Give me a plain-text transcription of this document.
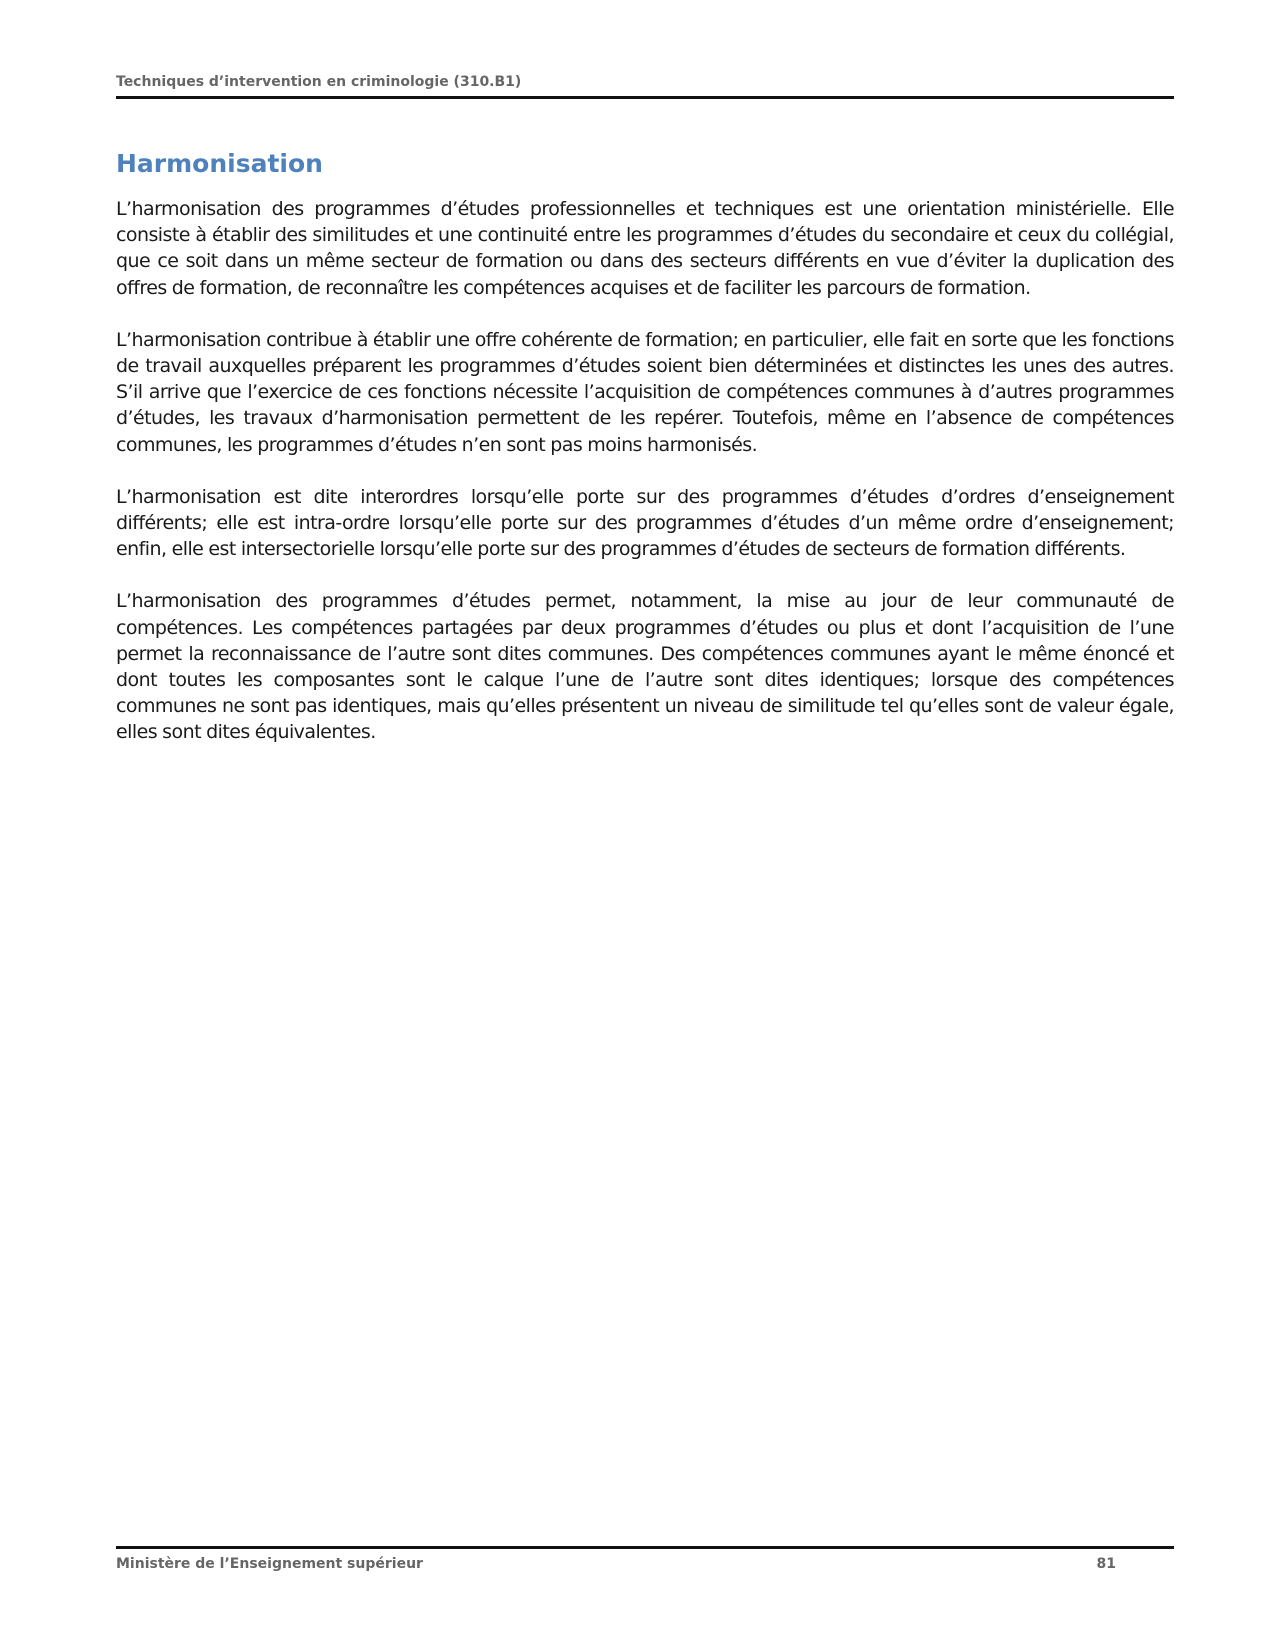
Techniques d’intervention en criminologie (310.B1)
Harmonisation

L’harmonisation des programmes d’études professionnelles et techniques est une orientation ministérielle. Elle consiste à établir des similitudes et une continuité entre les programmes d’études du secondaire et ceux du collégial, que ce soit dans un même secteur de formation ou dans des secteurs différents en vue d’éviter la duplication des offres de formation, de reconnaître les compétences acquises et de faciliter les parcours de formation.

L’harmonisation contribue à établir une offre cohérente de formation; en particulier, elle fait en sorte que les fonctions de travail auxquelles préparent les programmes d’études soient bien déterminées et distinctes les unes des autres. S’il arrive que l’exercice de ces fonctions nécessite l’acquisition de compétences communes à d’autres programmes d’études, les travaux d’harmonisation permettent de les repérer. Toutefois, même en l’absence de compétences communes, les programmes d’études n’en sont pas moins harmonisés.

L’harmonisation est dite interordres lorsqu’elle porte sur des programmes d’études d’ordres d’enseignement différents; elle est intra-ordre lorsqu’elle porte sur des programmes d’études d’un même ordre d’enseignement; enfin, elle est intersectorielle lorsqu’elle porte sur des programmes d’études de secteurs de formation différents.

L’harmonisation des programmes d’études permet, notamment, la mise au jour de leur communauté de compétences. Les compétences partagées par deux programmes d’études ou plus et dont l’acquisition de l’une permet la reconnaissance de l’autre sont dites communes. Des compétences communes ayant le même énoncé et dont toutes les composantes sont le calque l’une de l’autre sont dites identiques; lorsque des compétences communes ne sont pas identiques, mais qu’elles présentent un niveau de similitude tel qu’elles sont de valeur égale, elles sont dites équivalentes.

Ministère de l’Enseignement supérieur	81
